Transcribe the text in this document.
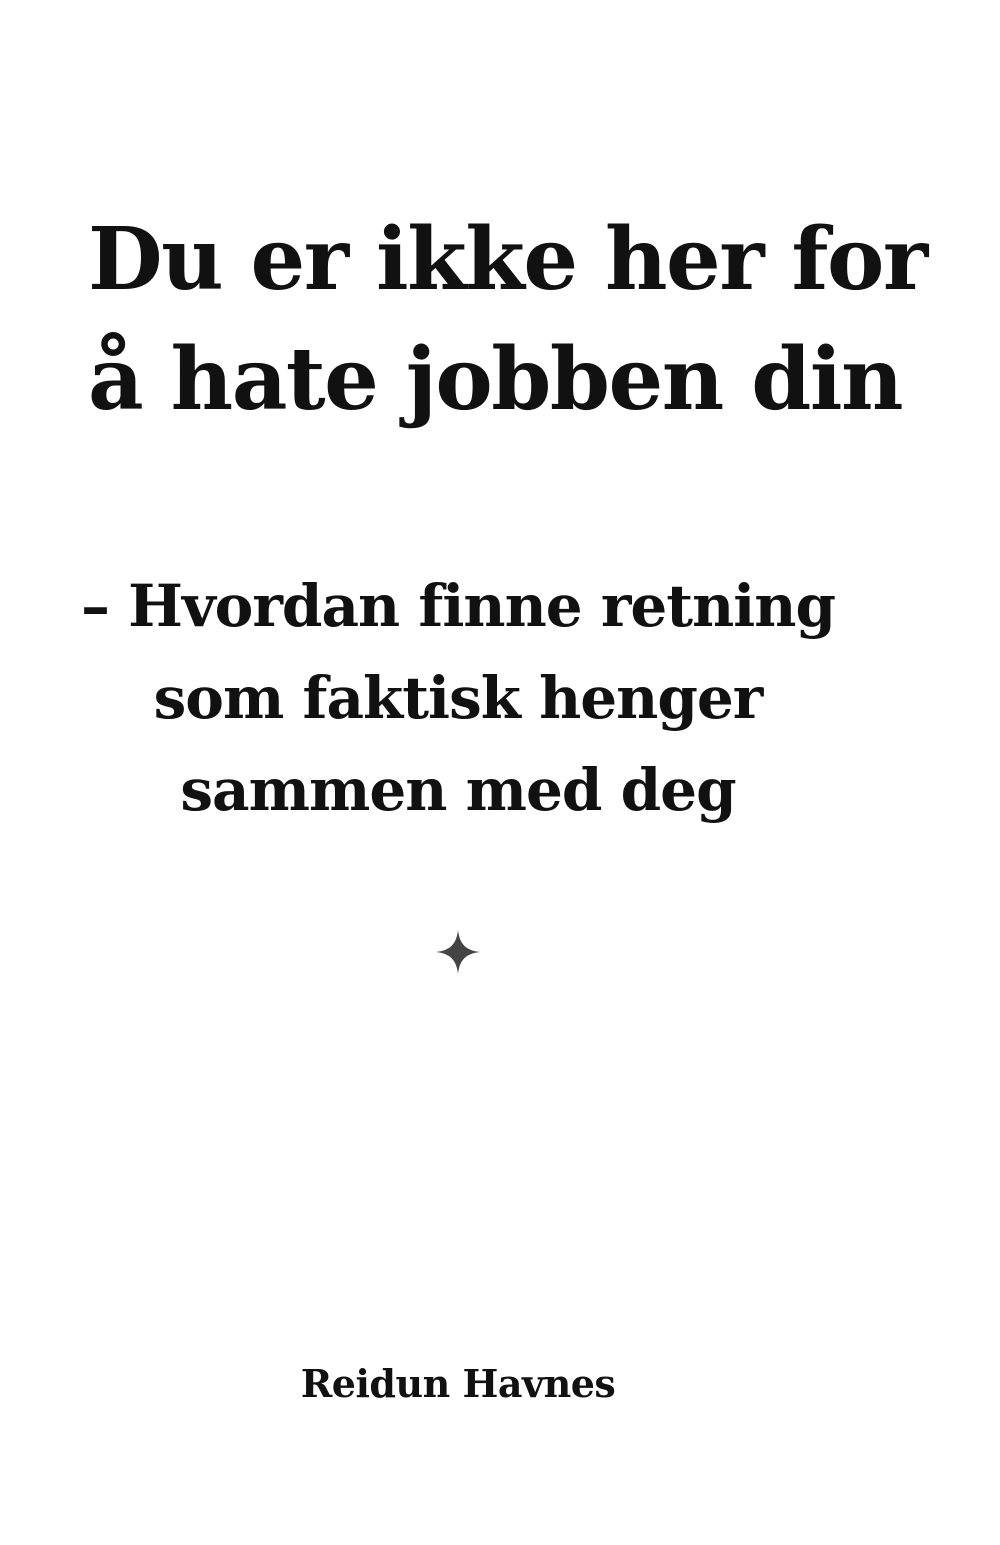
Du er ikke her for
å hate jobben din
– Hvordan finne retning
som faktisk henger
sammen med deg
Reidun Havnes
